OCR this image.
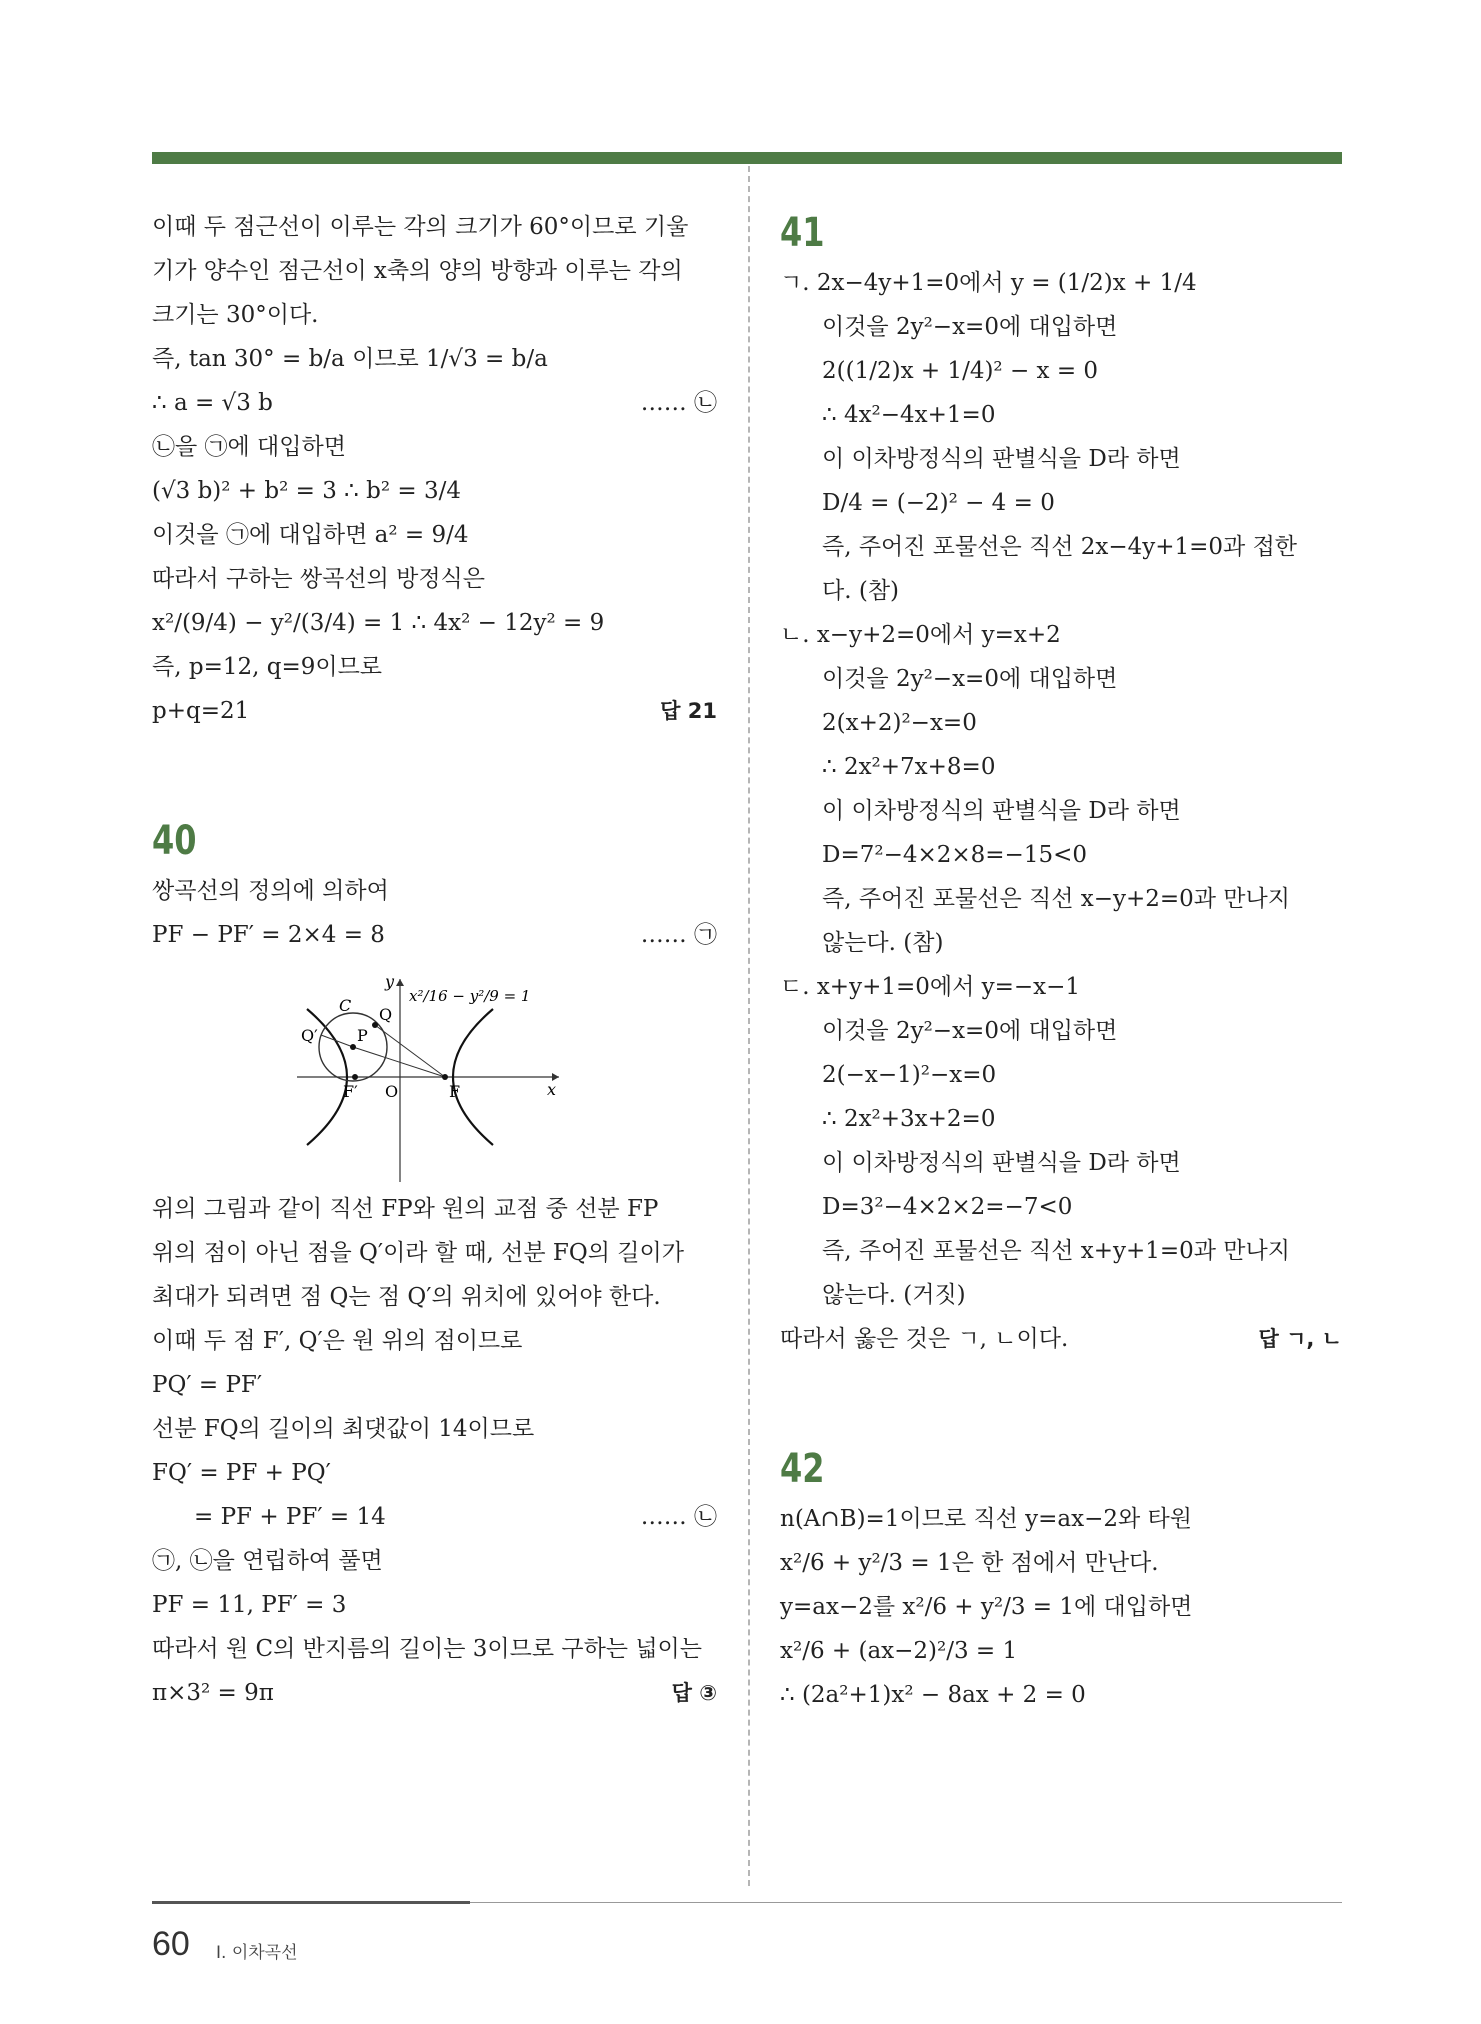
이때 두 점근선이 이루는 각의 크기가 60°이므로 기울
기가 양수인 점근선이 x축의 양의 방향과 이루는 각의
크기는 30°이다.
즉, tan 30° = b/a 이므로 1/√3 = b/a
∴ a = √3 b	…… ㉡
㉡을 ㉠에 대입하면
(√3 b)² + b² = 3 ∴ b² = 3/4
이것을 ㉠에 대입하면 a² = 9/4
따라서 구하는 쌍곡선의 방정식은
x²/(9/4) − y²/(3/4) = 1 ∴ 4x² − 12y² = 9
즉, p=12, q=9이므로
p+q=21	답 21
40
쌍곡선의 정의에 의하여
PF − PF′ = 2×4 = 8	…… ㉠
y
x
O
C Q
Q′ P
F
F′
x²/16 − y²/9 = 1
위의 그림과 같이 직선 FP와 원의 교점 중 선분 FP
위의 점이 아닌 점을 Q′이라 할 때, 선분 FQ의 길이가
최대가 되려면 점 Q는 점 Q′의 위치에 있어야 한다.
이때 두 점 F′, Q′은 원 위의 점이므로
PQ′ = PF′
선분 FQ의 길이의 최댓값이 14이므로
FQ′ = PF + PQ′
= PF + PF′ = 14	…… ㉡
㉠, ㉡을 연립하여 풀면
PF = 11, PF′ = 3
따라서 원 C의 반지름의 길이는 3이므로 구하는 넓이는
π×3² = 9π	답 ③
41
ㄱ. 2x−4y+1=0에서 y = (1/2)x + 1/4
이것을 2y²−x=0에 대입하면
2((1/2)x + 1/4)² − x = 0
∴ 4x²−4x+1=0
이 이차방정식의 판별식을 D라 하면
D/4 = (−2)² − 4 = 0
즉, 주어진 포물선은 직선 2x−4y+1=0과 접한
다. (참)
ㄴ. x−y+2=0에서 y=x+2
이것을 2y²−x=0에 대입하면
2(x+2)²−x=0
∴ 2x²+7x+8=0
이 이차방정식의 판별식을 D라 하면
D=7²−4×2×8=−15<0
즉, 주어진 포물선은 직선 x−y+2=0과 만나지
않는다. (참)
ㄷ. x+y+1=0에서 y=−x−1
이것을 2y²−x=0에 대입하면
2(−x−1)²−x=0
∴ 2x²+3x+2=0
이 이차방정식의 판별식을 D라 하면
D=3²−4×2×2=−7<0
즉, 주어진 포물선은 직선 x+y+1=0과 만나지
않는다. (거짓)
따라서 옳은 것은 ㄱ, ㄴ이다.	답 ㄱ, ㄴ
42
n(A∩B)=1이므로 직선 y=ax−2와 타원
x²/6 + y²/3 = 1은 한 점에서 만난다.
y=ax−2를 x²/6 + y²/3 = 1에 대입하면
x²/6 + (ax−2)²/3 = 1
∴ (2a²+1)x² − 8ax + 2 = 0
60 Ⅰ. 이차곡선
